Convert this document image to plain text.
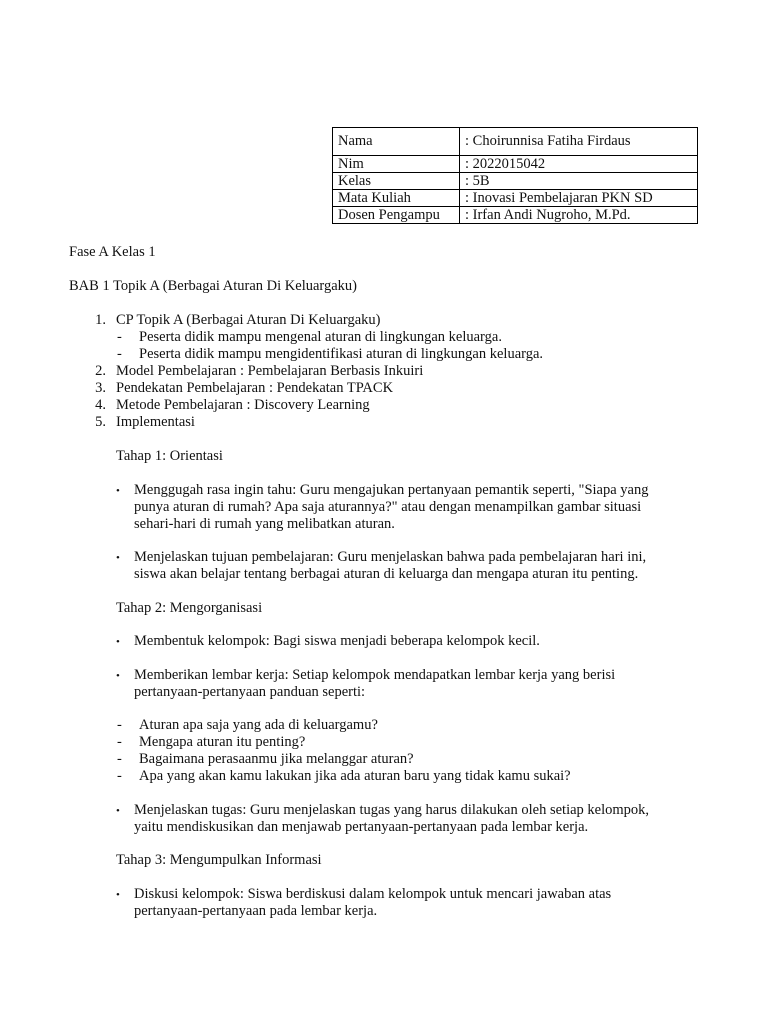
Nama	: Choirunnisa Fatiha Firdaus
Nim	: 2022015042
Kelas	: 5B
Mata Kuliah	: Inovasi Pembelajaran PKN SD
Dosen Pengampu	: Irfan Andi Nugroho, M.Pd.
Fase A Kelas 1
BAB 1 Topik A (Berbagai Aturan Di Keluargaku)
1. CP Topik A (Berbagai Aturan Di Keluargaku)
- Peserta didik mampu mengenal aturan di lingkungan keluarga.
- Peserta didik mampu mengidentifikasi aturan di lingkungan keluarga.
2. Model Pembelajaran : Pembelajaran Berbasis Inkuiri
3. Pendekatan Pembelajaran : Pendekatan TPACK
4. Metode Pembelajaran : Discovery Learning
5. Implementasi
Tahap 1: Orientasi
• Menggugah rasa ingin tahu: Guru mengajukan pertanyaan pemantik seperti, "Siapa yang
punya aturan di rumah? Apa saja aturannya?" atau dengan menampilkan gambar situasi
sehari-hari di rumah yang melibatkan aturan.
• Menjelaskan tujuan pembelajaran: Guru menjelaskan bahwa pada pembelajaran hari ini,
siswa akan belajar tentang berbagai aturan di keluarga dan mengapa aturan itu penting.
Tahap 2: Mengorganisasi
• Membentuk kelompok: Bagi siswa menjadi beberapa kelompok kecil.
• Memberikan lembar kerja: Setiap kelompok mendapatkan lembar kerja yang berisi
pertanyaan-pertanyaan panduan seperti:
- Aturan apa saja yang ada di keluargamu?
- Mengapa aturan itu penting?
- Bagaimana perasaanmu jika melanggar aturan?
- Apa yang akan kamu lakukan jika ada aturan baru yang tidak kamu sukai?
• Menjelaskan tugas: Guru menjelaskan tugas yang harus dilakukan oleh setiap kelompok,
yaitu mendiskusikan dan menjawab pertanyaan-pertanyaan pada lembar kerja.
Tahap 3: Mengumpulkan Informasi
• Diskusi kelompok: Siswa berdiskusi dalam kelompok untuk mencari jawaban atas
pertanyaan-pertanyaan pada lembar kerja.
